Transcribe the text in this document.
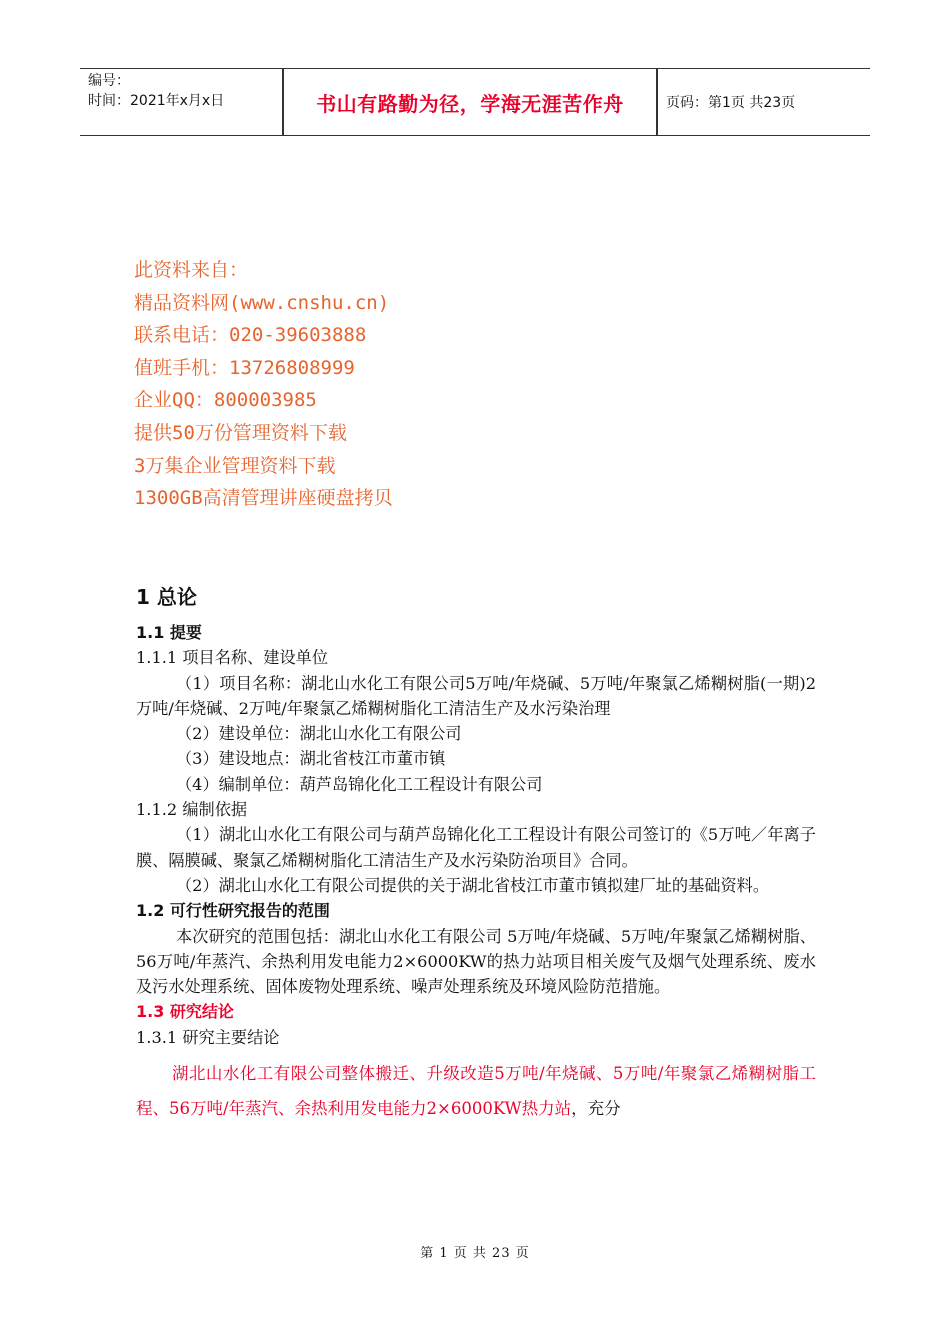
编号：
时间：2021年x月x日	书山有路勤为径，学海无涯苦作舟	页码：第1页 共23页
此资料来自：
精品资料网(www.cnshu.cn)
联系电话：020-39603888
值班手机：13726808999
企业QQ：800003985
提供50万份管理资料下载
3万集企业管理资料下载
1300GB高清管理讲座硬盘拷贝
1 总论
1.1 提要
1.1.1 项目名称、建设单位
（1）项目名称：湖北山水化工有限公司5万吨/年烧碱、5万吨/年聚氯乙烯糊树脂(一期)2万吨/年烧碱、2万吨/年聚氯乙烯糊树脂化工清洁生产及水污染治理
（2）建设单位：湖北山水化工有限公司
（3）建设地点：湖北省枝江市董市镇
（4）编制单位：葫芦岛锦化化工工程设计有限公司
1.1.2 编制依据
（1）湖北山水化工有限公司与葫芦岛锦化化工工程设计有限公司签订的《5万吨／年离子膜、隔膜碱、聚氯乙烯糊树脂化工清洁生产及水污染防治项目》合同。
（2）湖北山水化工有限公司提供的关于湖北省枝江市董市镇拟建厂址的基础资料。
1.2 可行性研究报告的范围
本次研究的范围包括：湖北山水化工有限公司 5万吨/年烧碱、5万吨/年聚氯乙烯糊树脂、56万吨/年蒸汽、余热利用发电能力2×6000KW的热力站项目相关废气及烟气处理系统、废水及污水处理系统、固体废物处理系统、噪声处理系统及环境风险防范措施。
1.3 研究结论
1.3.1 研究主要结论
湖北山水化工有限公司整体搬迁、升级改造5万吨/年烧碱、5万吨/年聚氯乙烯糊树脂工程、56万吨/年蒸汽、余热利用发电能力2×6000KW热力站，充分
第 1 页 共 23 页
